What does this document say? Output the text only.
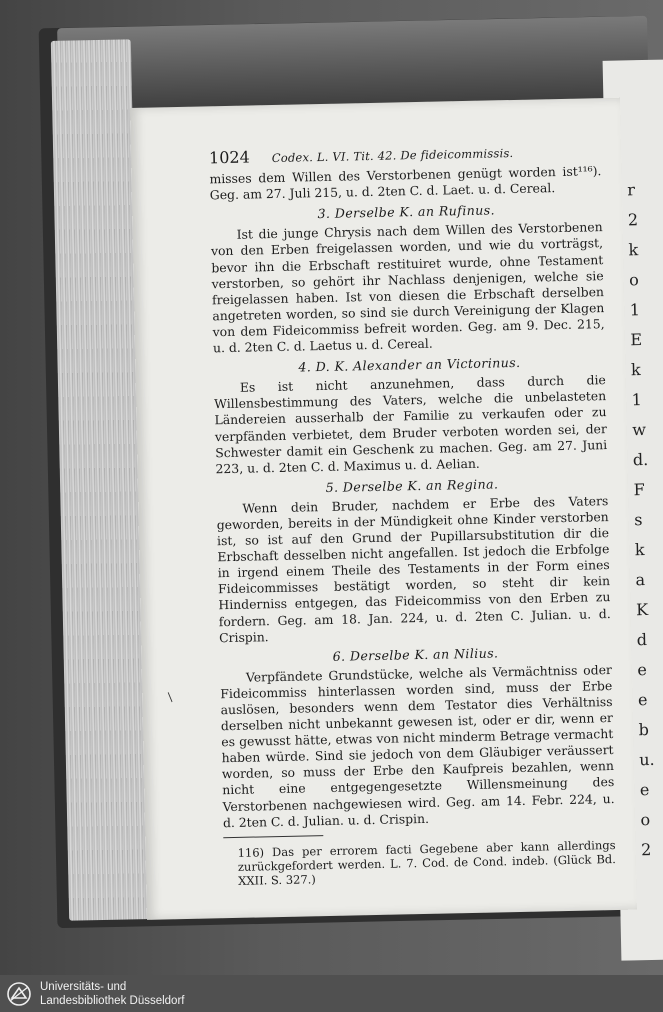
r
2
k
o
1
E
k
1
w
d.
F
s
k
a
K
d
e
e
b
u.
e
o
2
1024 Codex. L. VI. Tit. 42. De fideicommissis.

misses dem Willen des Verstorbenen genügt worden ist¹¹⁶). Geg. am 27. Juli 215, u. d. 2ten C. d. Laet. u. d. Cereal.

3. Derselbe K. an Rufinus.

Ist die junge Chrysis nach dem Willen des Verstorbenen von den Erben freigelassen worden, und wie du vorträgst, bevor ihn die Erbschaft restituiret wurde, ohne Testament verstorben, so gehört ihr Nachlass denjenigen, welche sie freigelassen haben. Ist von diesen die Erbschaft derselben angetreten worden, so sind sie durch Vereinigung der Klagen von dem Fideicommiss befreit worden. Geg. am 9. Dec. 215, u. d. 2ten C. d. Laetus u. d. Cereal.

4. D. K. Alexander an Victorinus.

Es ist nicht anzunehmen, dass durch die Willensbestimmung des Vaters, welche die unbelasteten Ländereien ausserhalb der Familie zu verkaufen oder zu verpfänden verbietet, dem Bruder verboten worden sei, der Schwester damit ein Geschenk zu machen. Geg. am 27. Juni 223, u. d. 2ten C. d. Maximus u. d. Aelian.

5. Derselbe K. an Regina.

Wenn dein Bruder, nachdem er Erbe des Vaters geworden, bereits in der Mündigkeit ohne Kinder verstorben ist, so ist auf den Grund der Pupillarsubstitution dir die Erbschaft desselben nicht angefallen. Ist jedoch die Erbfolge in irgend einem Theile des Testaments in der Form eines Fideicommisses bestätigt worden, so steht dir kein Hinderniss entgegen, das Fideicommiss von den Erben zu fordern. Geg. am 18. Jan. 224, u. d. 2ten C. Julian. u. d. Crispin.

6. Derselbe K. an Nilius.

Verpfändete Grundstücke, welche als Vermächtniss oder Fideicommiss hinterlassen worden sind, muss der Erbe auslösen, besonders wenn dem Testator dies Verhältniss derselben nicht unbekannt gewesen ist, oder er dir, wenn er es gewusst hätte, etwas von nicht minderm Betrage vermacht haben würde. Sind sie jedoch von dem Gläubiger veräussert worden, so muss der Erbe den Kaufpreis bezahlen, wenn nicht eine entgegengesetzte Willensmeinung des Verstorbenen nachgewiesen wird. Geg. am 14. Febr. 224, u. d. 2ten C. d. Julian. u. d. Crispin.

116) Das per errorem facti Gegebene aber kann allerdings zurückgefordert werden. L. 7. Cod. de Cond. indeb. (Glück Bd. XXII. S. 327.)

/
Universitäts- und
Landesbibliothek Düsseldorf
